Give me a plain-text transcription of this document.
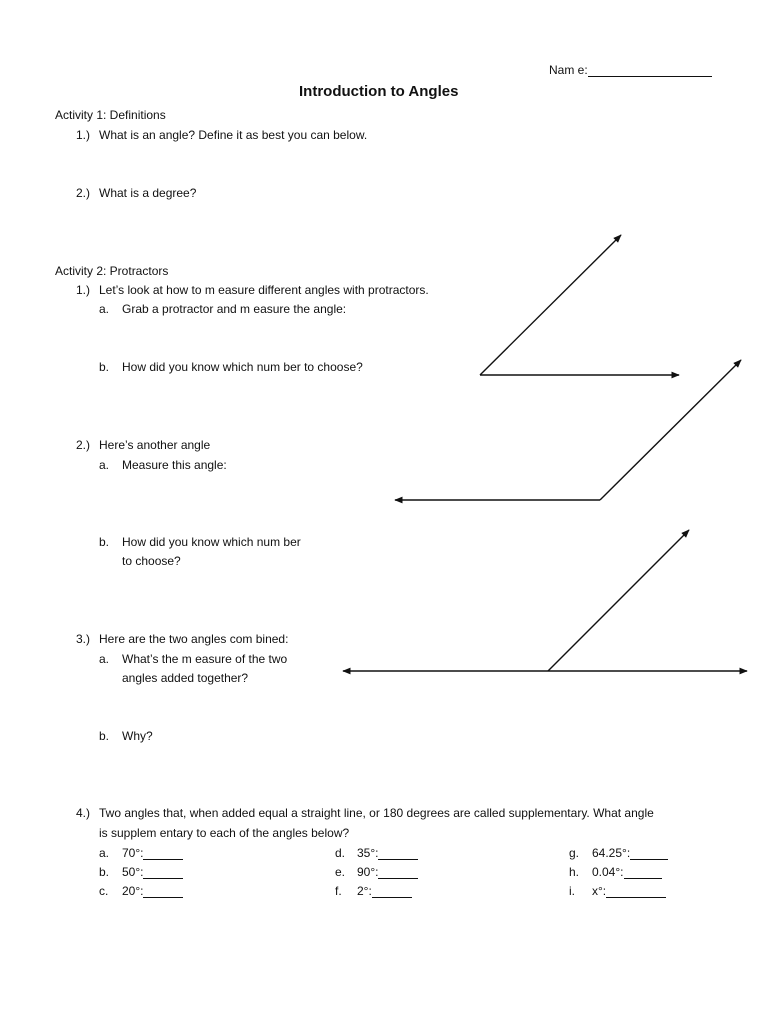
Nam e:
Introduction to Angles
Activity 1: Definitions
1.) What is an angle? Define it as best you can below.
2.) What is a degree?
Activity 2: Protractors
1.) Let’s look at how to m easure different angles with protractors.
a. Grab a protractor and m easure the angle:
b. How did you know which num ber to choose?
2.) Here’s another angle
a. Measure this angle:
b. How did you know which num ber
to choose?
3.) Here are the two angles com bined:
a. What’s the m easure of the two
angles added together?
b. Why?
4.) Two angles that, when added equal a straight line, or 180 degrees are called supplementary. What angle
is supplem entary to each of the angles below?
a. 70°:
b. 50°:
c. 20°:
d. 35°:
e. 90°:
f. 2°:
g. 64.25°:
h. 0.04°:
i. x°:
